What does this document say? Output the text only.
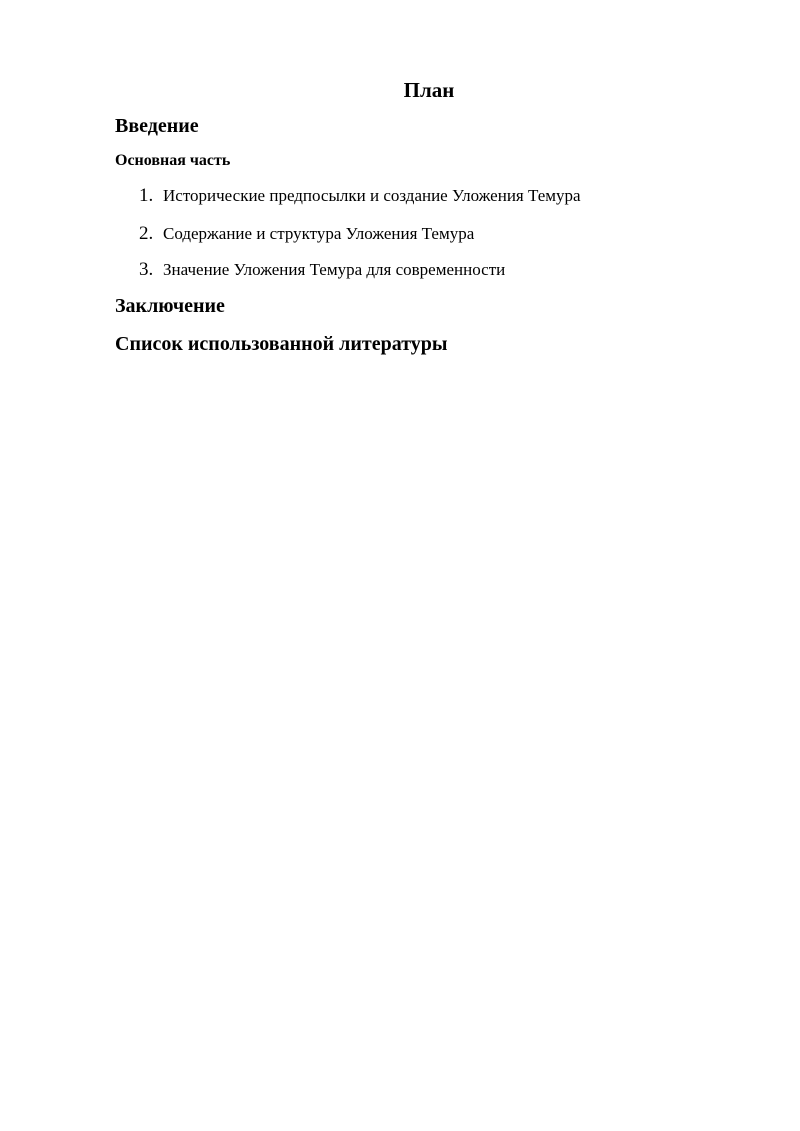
План
Введение
Основная часть
1. Исторические предпосылки и создание Уложения Темура
2. Содержание и структура Уложения Темура
3. Значение Уложения Темура для современности
Заключение
Список использованной литературы
